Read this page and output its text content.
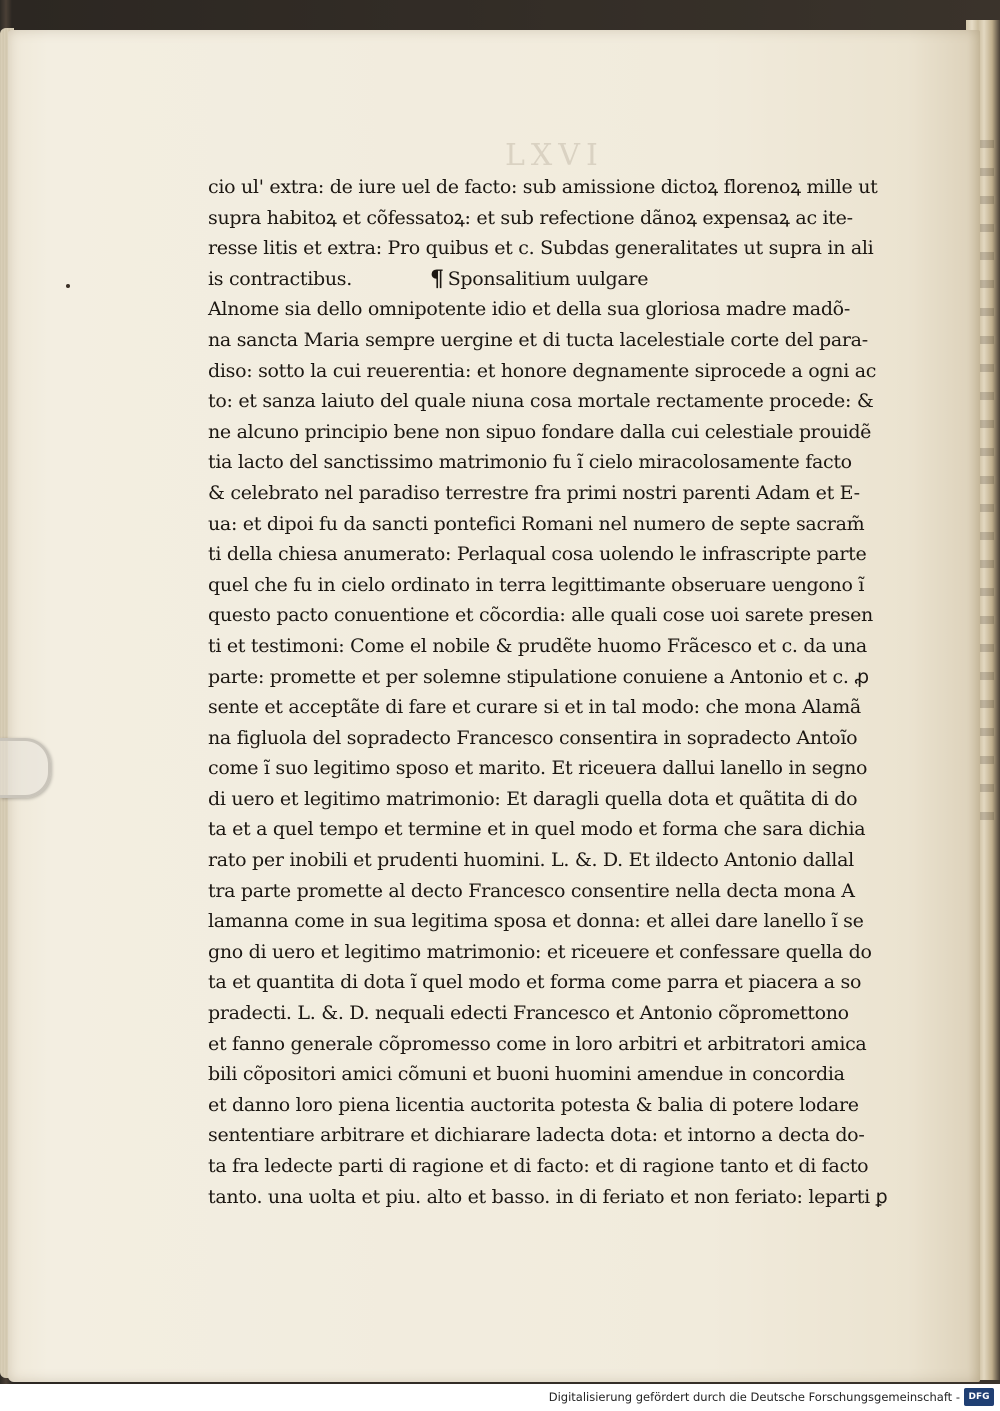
LXVI
cio ul' extra: de iure uel de facto: sub amissione dictoꝝ florenoꝝ mille ut
supra habitoꝝ et cõfessatoꝝ: et sub refectione dãnoꝝ expensaꝝ ac ite-
resse litis et extra: Pro quibus et c. Subdas generalitates ut supra in ali
is contractibus.	¶ Sponsalitium uulgare
Alnome sia dello omnipotente idio et della sua gloriosa madre madõ-
na sancta Maria sempre uergine et di tucta lacelestiale corte del para-
diso: sotto la cui reuerentia: et honore degnamente siprocede a ogni ac
to: et sanza laiuto del quale niuna cosa mortale rectamente procede: &
ne alcuno principio bene non sipuo fondare dalla cui celestiale prouidẽ
tia lacto del sanctissimo matrimonio fu ĩ cielo miracolosamente facto
& celebrato nel paradiso terrestre fra primi nostri parenti Adam et E-
ua: et dipoi fu da sancti pontefici Romani nel numero de septe sacram̃
ti della chiesa anumerato: Perlaqual cosa uolendo le infrascripte parte
quel che fu in cielo ordinato in terra legittimante obseruare uengono ĩ
questo pacto conuentione et cõcordia: alle quali cose uoi sarete presen
ti et testimoni: Come el nobile & prudẽte huomo Frãcesco et c. da una
parte: promette et per solemne stipulatione conuiene a Antonio et c. ꝓ
sente et acceptãte di fare et curare si et in tal modo: che mona Alamã
na figluola del sopradecto Francesco consentira in sopradecto Antoĩo
come ĩ suo legitimo sposo et marito. Et riceuera dallui lanello in segno
di uero et legitimo matrimonio: Et daragli quella dota et quãtita di do
ta et a quel tempo et termine et in quel modo et forma che sara dichia
rato per inobili et prudenti huomini. L. &. D. Et ildecto Antonio dallal
tra parte promette al decto Francesco consentire nella decta mona A
lamanna come in sua legitima sposa et donna: et allei dare lanello ĩ se
gno di uero et legitimo matrimonio: et riceuere et confessare quella do
ta et quantita di dota ĩ quel modo et forma come parra et piacera a so
pradecti. L. &. D. nequali edecti Francesco et Antonio cõpromettono
et fanno generale cõpromesso come in loro arbitri et arbitratori amica
bili cõpositori amici cõmuni et buoni huomini amendue in concordia
et danno loro piena licentia auctorita potesta & balia di potere lodare
sententiare arbitrare et dichiarare ladecta dota: et intorno a decta do-
ta fra ledecte parti di ragione et di facto: et di ragione tanto et di facto
tanto. una uolta et piu. alto et basso. in di feriato et non feriato: leparti ꝑ
Digitalisierung gefördert durch die Deutsche Forschungsgemeinschaft - DFG
